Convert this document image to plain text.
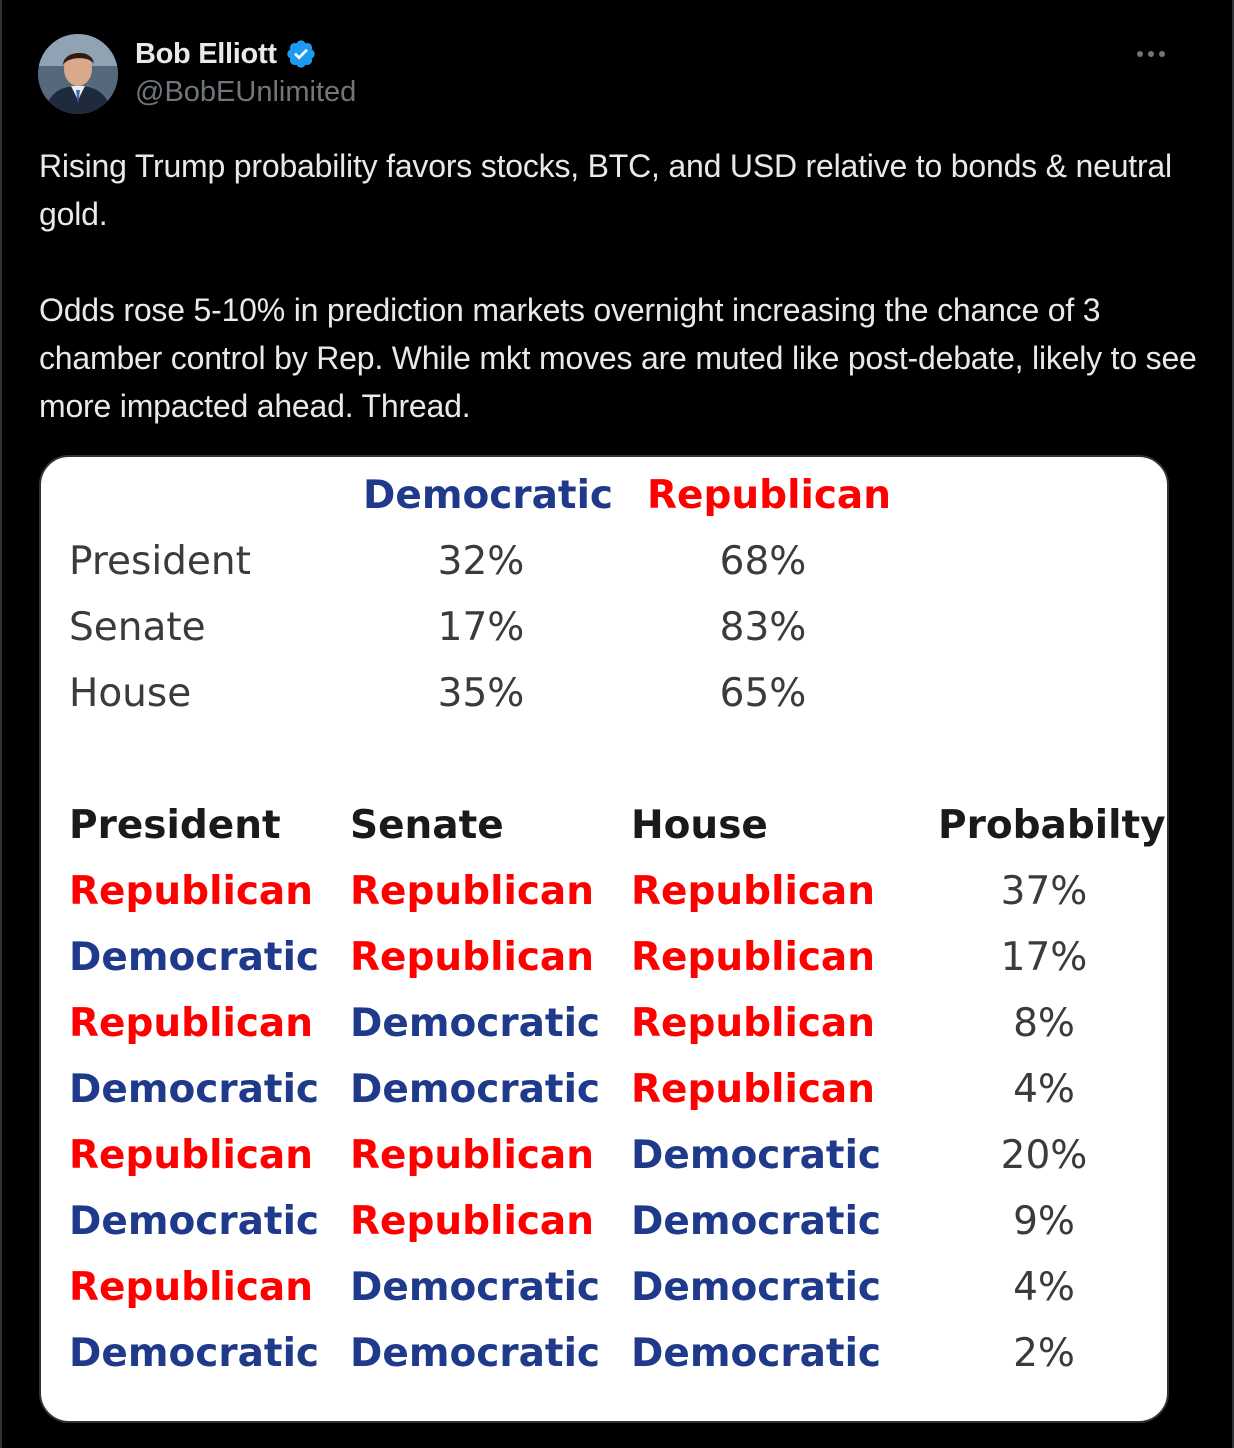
Bob Elliott
@BobEUnlimited

Rising Trump probability favors stocks, BTC, and USD relative to bonds & neutral gold.

Odds rose 5-10% in prediction markets overnight increasing the chance of 3 chamber control by Rep. While mkt moves are muted like post-debate, likely to see more impacted ahead. Thread.

Democratic Republican
President	32%	68%
Senate	17%	83%
House	35%	65%
President Senate	House	Probabilty
Republican Republican Republican	37%
Democratic Republican Republican	17%
Republican Democratic Republican	8%
Democratic Democratic Republican	4%
Republican Republican Democratic	20%
Democratic Republican Democratic	9%
Republican Democratic Democratic	4%
Democratic Democratic Democratic	2%
